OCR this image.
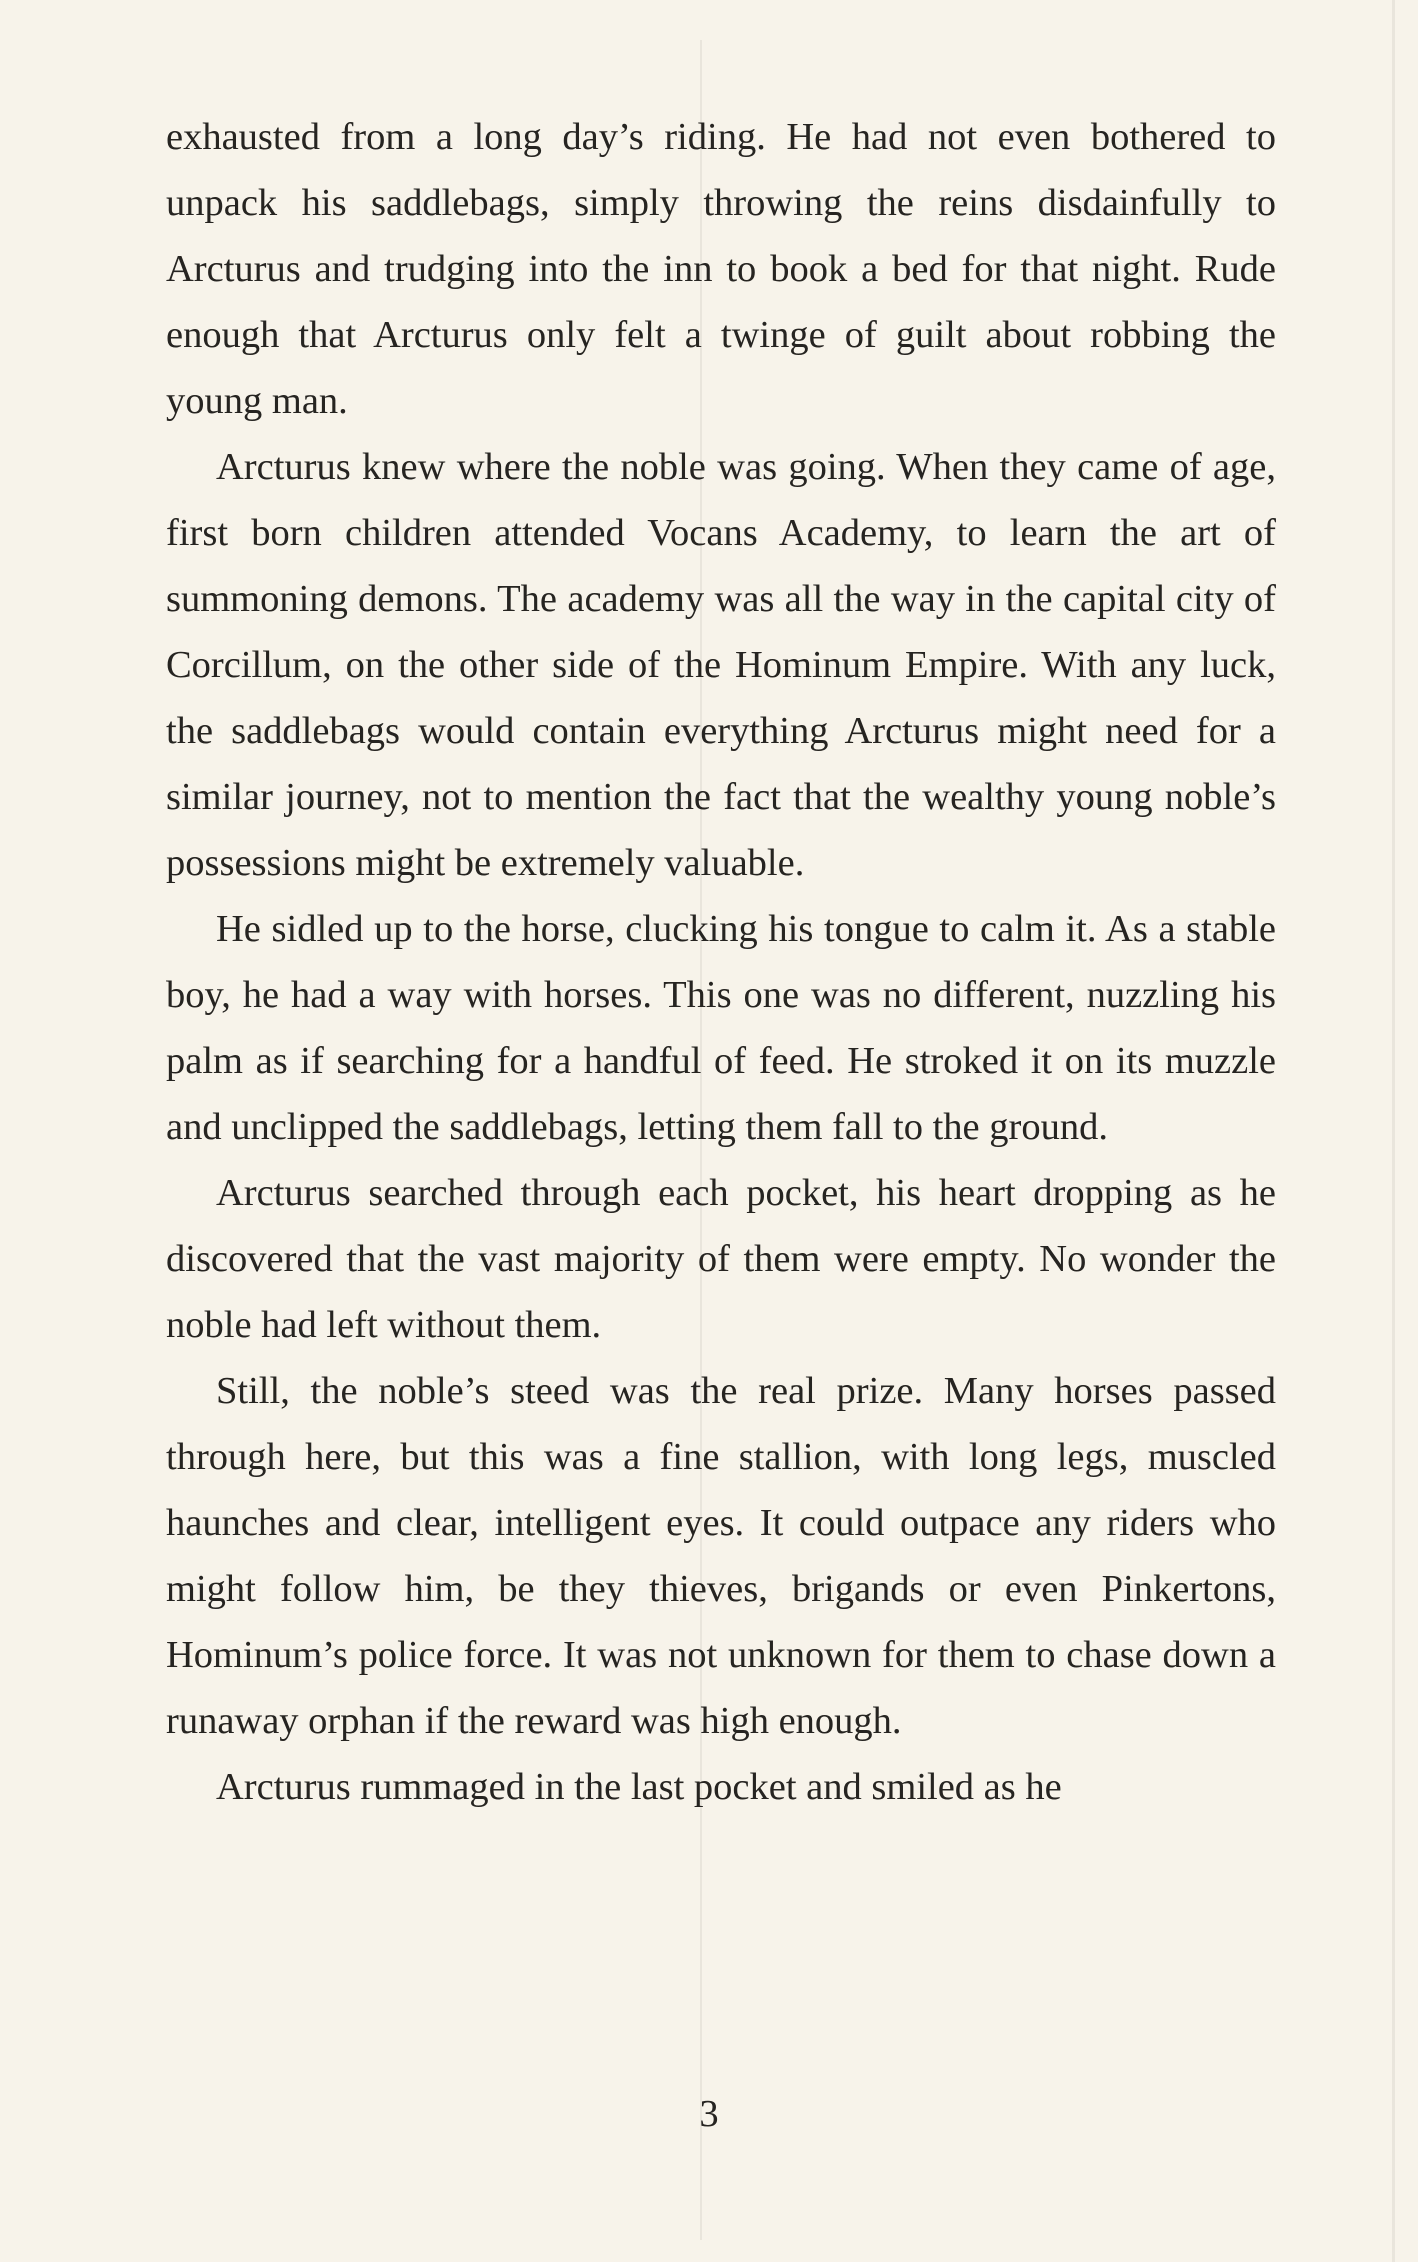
exhausted from a long day’s riding. He had not even bothered to unpack his saddlebags, simply throwing the reins disdainfully to Arcturus and trudging into the inn to book a bed for that night. Rude enough that Arcturus only felt a twinge of guilt about robbing the young man.

Arcturus knew where the noble was going. When they came of age, first born children attended Vocans Academy, to learn the art of summoning demons. The academy was all the way in the capital city of Corcillum, on the other side of the Hominum Empire. With any luck, the saddlebags would contain everything Arcturus might need for a similar journey, not to mention the fact that the wealthy young noble’s possessions might be extremely valuable.

He sidled up to the horse, clucking his tongue to calm it. As a stable boy, he had a way with horses. This one was no different, nuzzling his palm as if searching for a handful of feed. He stroked it on its muzzle and unclipped the saddlebags, letting them fall to the ground.

Arcturus searched through each pocket, his heart dropping as he discovered that the vast majority of them were empty. No wonder the noble had left without them.

Still, the noble’s steed was the real prize. Many horses passed through here, but this was a fine stallion, with long legs, muscled haunches and clear, intelligent eyes. It could outpace any riders who might follow him, be they thieves, brigands or even Pinkertons, Hominum’s police force. It was not unknown for them to chase down a runaway orphan if the reward was high enough.

Arcturus rummaged in the last pocket and smiled as he

3
